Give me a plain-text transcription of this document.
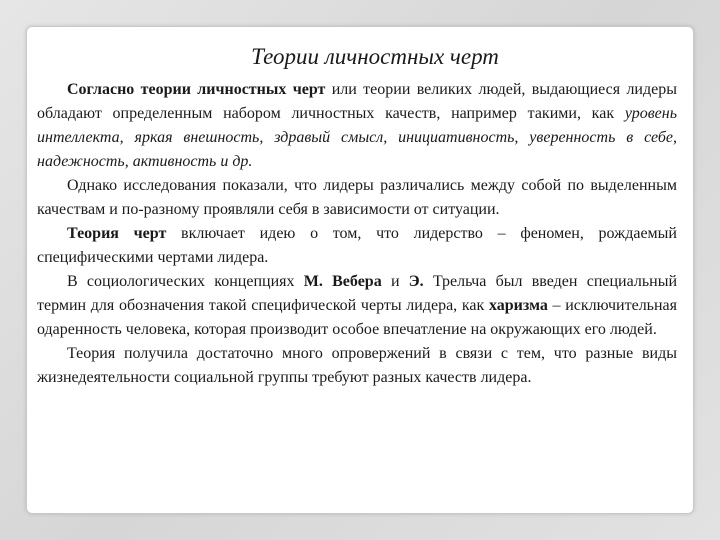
Теории личностных черт

Согласно теории личностных черт или теории великих людей, выдающиеся лидеры обладают определенным набором личностных качеств, например такими, как уровень интеллекта, яркая внешность, здравый смысл, инициативность, уверенность в себе, надежность, активность и др.

Однако исследования показали, что лидеры различались между собой по выделенным качествам и по-разному проявляли себя в зависимости от ситуации.

Теория черт включает идею о том, что лидерство – феномен, рождаемый специфическими чертами лидера.

В социологических концепциях М. Вебера и Э. Трельча был введен специальный термин для обозначения такой специфической черты лидера, как харизма – исключительная одаренность человека, которая производит особое впечатление на окружающих его людей.

Теория получила достаточно много опровержений в связи с тем, что разные виды жизнедеятельности социальной группы требуют разных качеств лидера.
